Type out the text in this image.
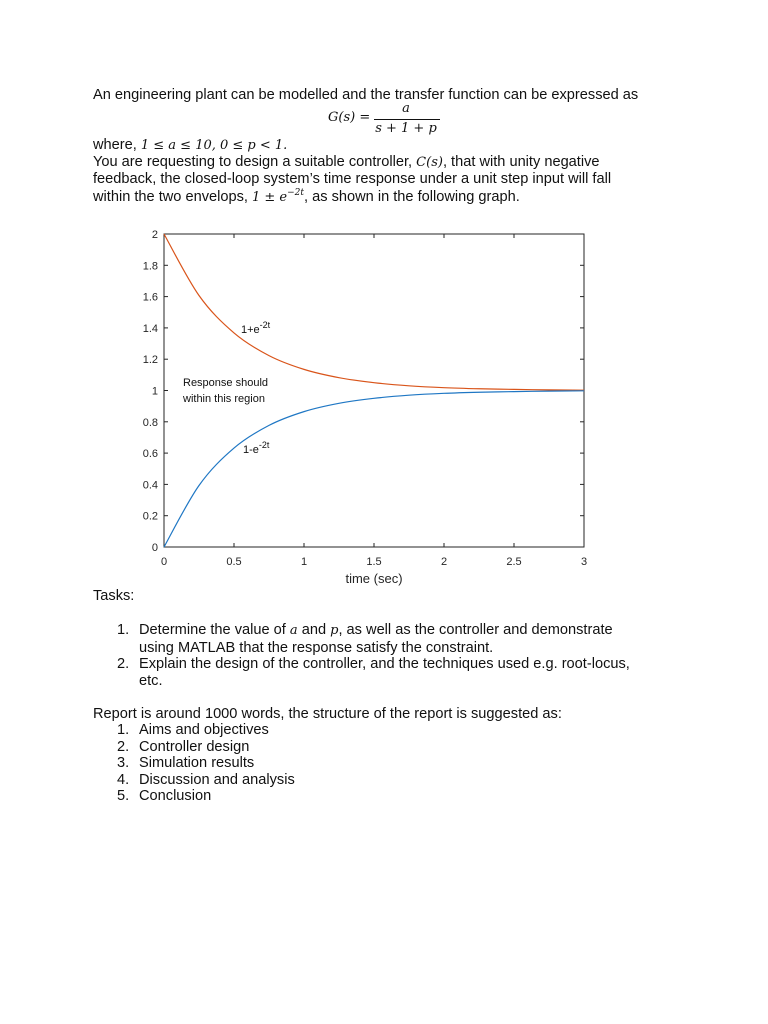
An engineering plant can be modelled and the transfer function can be expressed as
G(s) =
a
s + 1 + p
where, 1 ≤ a ≤ 10, 0 ≤ p < 1.
You are requesting to design a suitable controller, C(s), that with unity negative
feedback, the closed-loop system’s time response under a unit step input will fall
within the two envelops, $1 \pm e^{-2t}$, as shown in the following graph.
0	0.5	1	1.5	2	2.5	3
0
0.2
0.4
0.6
0.8
1
1.2
1.4
1.6
1.8
2
time (sec)
$1+e^{-2t}$
$1-e^{-2t}$
Response should
within this region
Tasks:
1. Determine the value of a and p, as well as the controller and demonstrate
using MATLAB that the response satisfy the constraint.
2. Explain the design of the controller, and the techniques used e.g. root-locus,
etc.
Report is around 1000 words, the structure of the report is suggested as:
1. Aims and objectives
2. Controller design
3. Simulation results
4. Discussion and analysis
5. Conclusion
